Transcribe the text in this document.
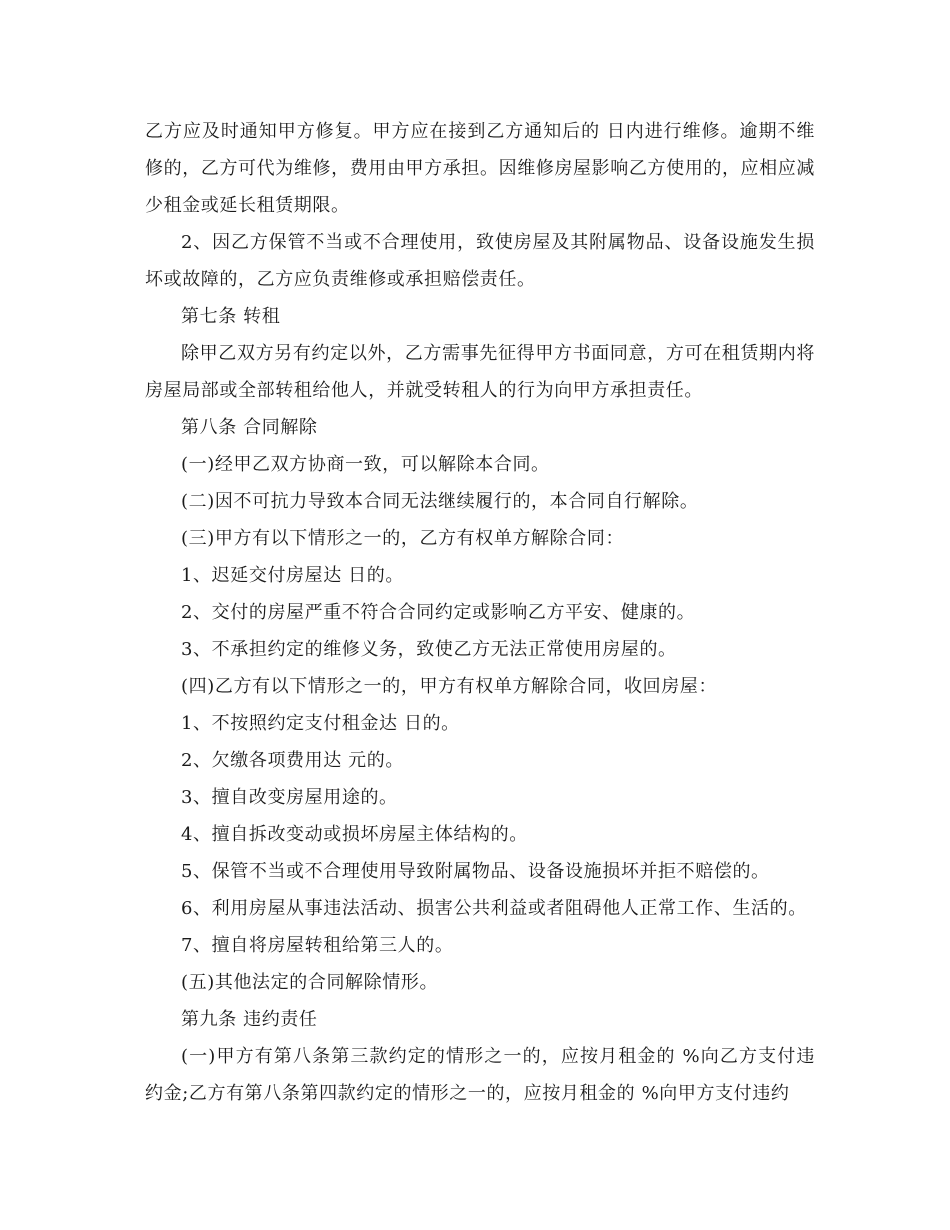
乙方应及时通知甲方修复。甲方应在接到乙方通知后的 日内进行维修。逾期不维修的，乙方可代为维修，费用由甲方承担。因维修房屋影响乙方使用的，应相应减少租金或延长租赁期限。

2、因乙方保管不当或不合理使用，致使房屋及其附属物品、设备设施发生损坏或故障的，乙方应负责维修或承担赔偿责任。

第七条 转租

除甲乙双方另有约定以外，乙方需事先征得甲方书面同意，方可在租赁期内将房屋局部或全部转租给他人，并就受转租人的行为向甲方承担责任。

第八条 合同解除

(一)经甲乙双方协商一致，可以解除本合同。

(二)因不可抗力导致本合同无法继续履行的，本合同自行解除。

(三)甲方有以下情形之一的，乙方有权单方解除合同：

1、迟延交付房屋达 日的。

2、交付的房屋严重不符合合同约定或影响乙方平安、健康的。

3、不承担约定的维修义务，致使乙方无法正常使用房屋的。

(四)乙方有以下情形之一的，甲方有权单方解除合同，收回房屋：

1、不按照约定支付租金达 日的。

2、欠缴各项费用达 元的。

3、擅自改变房屋用途的。

4、擅自拆改变动或损坏房屋主体结构的。

5、保管不当或不合理使用导致附属物品、设备设施损坏并拒不赔偿的。

6、利用房屋从事违法活动、损害公共利益或者阻碍他人正常工作、生活的。

7、擅自将房屋转租给第三人的。

(五)其他法定的合同解除情形。

第九条 违约责任

(一)甲方有第八条第三款约定的情形之一的，应按月租金的 %向乙方支付违约金;乙方有第八条第四款约定的情形之一的，应按月租金的 %向甲方支付违约
